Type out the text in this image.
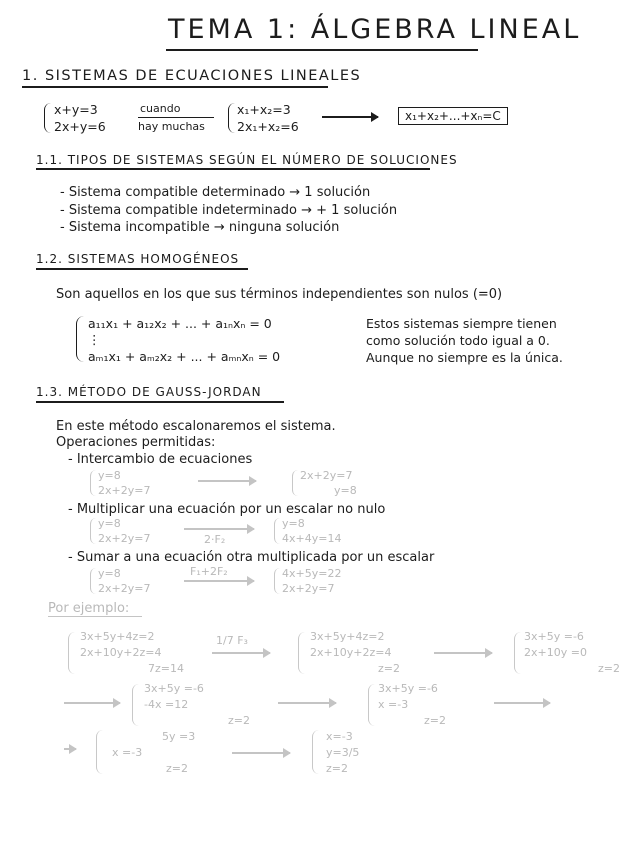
TEMA 1: ÁLGEBRA LINEAL
1. SISTEMAS DE ECUACIONES LINEALES
x+y=3
2x+y=6
cuando
hay muchas
x₁+x₂=3
2x₁+x₂=6
x₁+x₂+...+xₙ=C
1.1. TIPOS DE SISTEMAS SEGÚN EL NÚMERO DE SOLUCIONES
- Sistema compatible determinado → 1 solución
- Sistema compatible indeterminado → + 1 solución
- Sistema incompatible → ninguna solución
1.2. SISTEMAS HOMOGÉNEOS
Son aquellos en los que sus términos independientes son nulos (=0)
a₁₁x₁ + a₁₂x₂ + ... + a₁ₙxₙ = 0
⋮
aₘ₁x₁ + aₘ₂x₂ + ... + aₘₙxₙ = 0
Estos sistemas siempre tienen
como solución todo igual a 0.
Aunque no siempre es la única.
1.3. MÉTODO DE GAUSS-JORDAN
En este método escalonaremos el sistema.
Operaciones permitidas:
- Intercambio de ecuaciones
y=8
2x+2y=7
2x+2y=7
y=8
- Multiplicar una ecuación por un escalar no nulo
y=8
2x+2y=7	2·F₂
y=8
4x+4y=14
- Sumar a una ecuación otra multiplicada por un escalar
y=8
2x+2y=7
F₁+2F₂	4x+5y=22
2x+2y=7
Por ejemplo:
3x+5y+4z=2
2x+10y+2z=4
7z=14
1/7 F₃	3x+5y+4z=2
2x+10y+2z=4
z=2
3x+5y =-6
2x+10y =0
z=2
3x+5y =-6
-4x =12
z=2
3x+5y =-6
x =-3
z=2
5y =3
x =-3
z=2
x=-3
y=3/5
z=2
